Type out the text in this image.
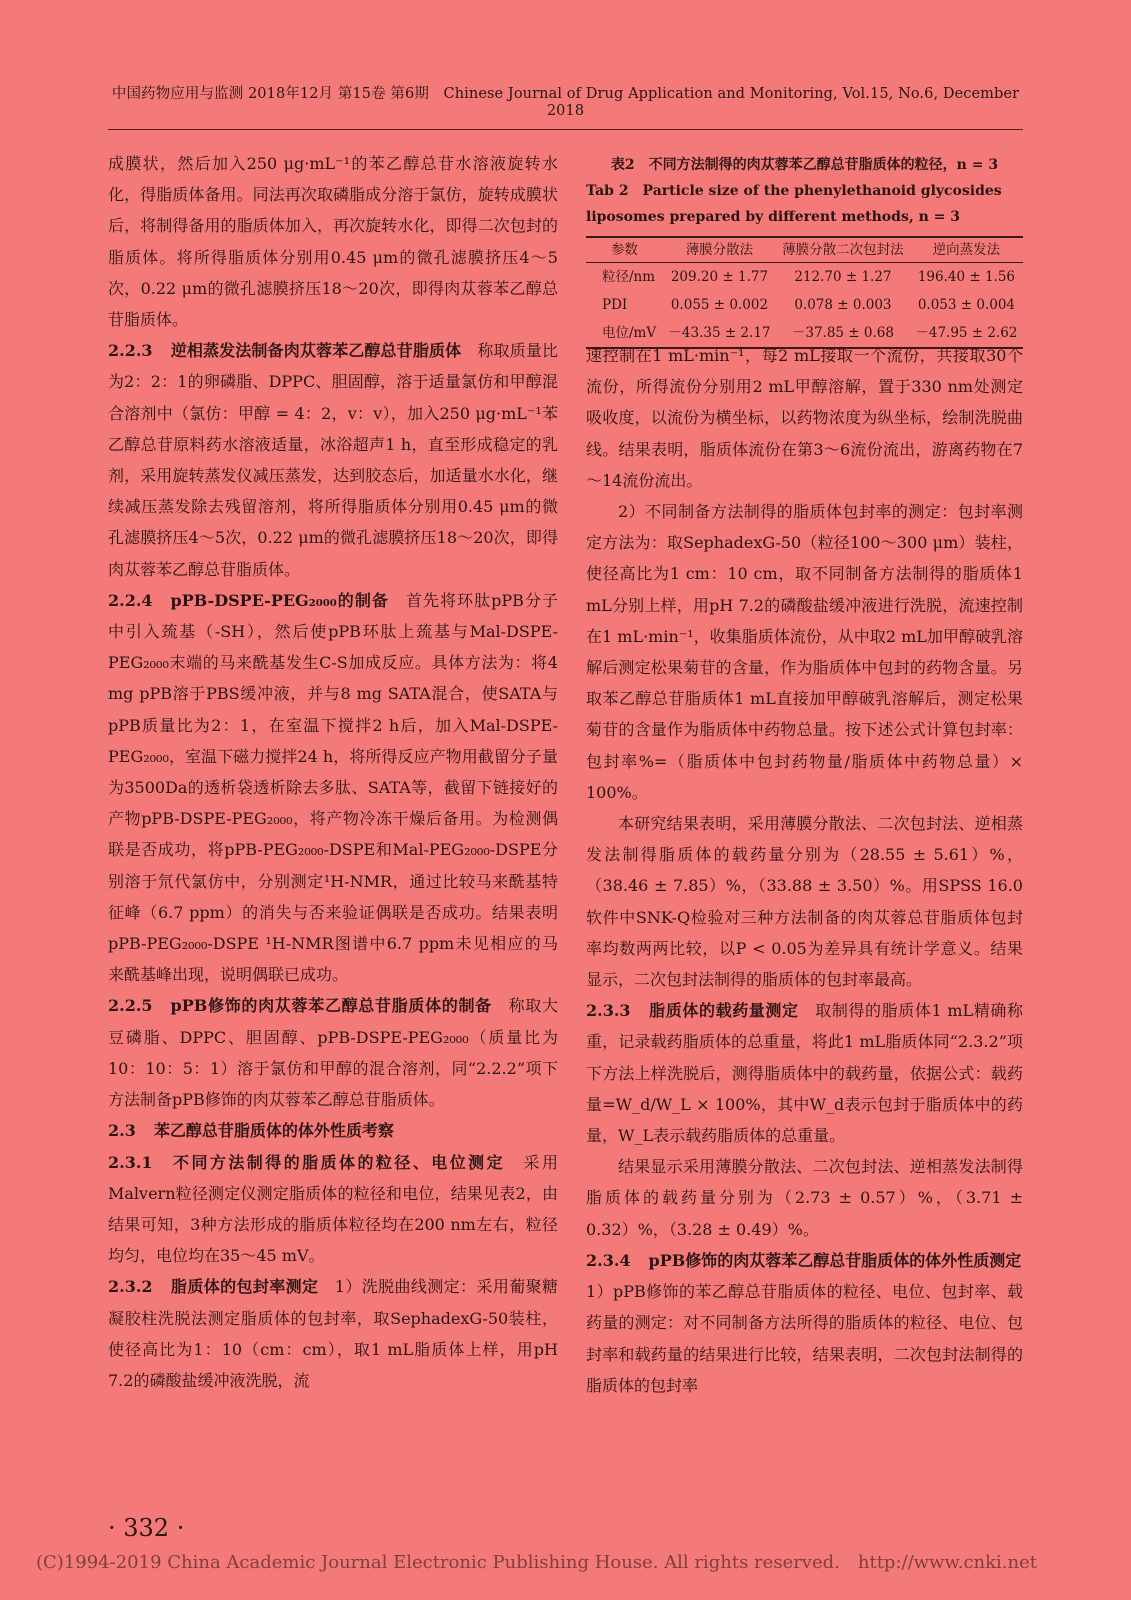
中国药物应用与监测 2018年12月 第15卷 第6期　Chinese Journal of Drug Application and Monitoring, Vol.15, No.6, December 2018

成膜状，然后加入250 μg·mL⁻¹的苯乙醇总苷水溶液旋转水化，得脂质体备用。同法再次取磷脂成分溶于氯仿，旋转成膜状后，将制得备用的脂质体加入，再次旋转水化，即得二次包封的脂质体。将所得脂质体分别用0.45 μm的微孔滤膜挤压4～5次，0.22 μm的微孔滤膜挤压18～20次，即得肉苁蓉苯乙醇总苷脂质体。

2.2.3 逆相蒸发法制备肉苁蓉苯乙醇总苷脂质体　称取质量比为2：2：1的卵磷脂、DPPC、胆固醇，溶于适量氯仿和甲醇混合溶剂中（氯仿：甲醇 = 4：2，v：v），加入250 μg·mL⁻¹苯乙醇总苷原料药水溶液适量，冰浴超声1 h，直至形成稳定的乳剂，采用旋转蒸发仪减压蒸发，达到胶态后，加适量水水化，继续减压蒸发除去残留溶剂，将所得脂质体分别用0.45 μm的微孔滤膜挤压4～5次，0.22 μm的微孔滤膜挤压18～20次，即得肉苁蓉苯乙醇总苷脂质体。

2.2.4 pPB-DSPE-PEG₂₀₀₀的制备　首先将环肽pPB分子中引入巯基（-SH），然后使pPB环肽上巯基与Mal-DSPE-PEG₂₀₀₀末端的马来酰基发生C-S加成反应。具体方法为：将4 mg pPB溶于PBS缓冲液，并与8 mg SATA混合，使SATA与pPB质量比为2：1，在室温下搅拌2 h后，加入Mal-DSPE-PEG₂₀₀₀，室温下磁力搅拌24 h，将所得反应产物用截留分子量为3500Da的透析袋透析除去多肽、SATA等，截留下链接好的产物pPB-DSPE-PEG₂₀₀₀，将产物冷冻干燥后备用。为检测偶联是否成功，将pPB-PEG₂₀₀₀-DSPE和Mal-PEG₂₀₀₀-DSPE分别溶于氘代氯仿中，分别测定¹H-NMR，通过比较马来酰基特征峰（6.7 ppm）的消失与否来验证偶联是否成功。结果表明pPB-PEG₂₀₀₀-DSPE ¹H-NMR图谱中6.7 ppm未见相应的马来酰基峰出现，说明偶联已成功。

2.2.5 pPB修饰的肉苁蓉苯乙醇总苷脂质体的制备　称取大豆磷脂、DPPC、胆固醇、pPB-DSPE-PEG₂₀₀₀（质量比为10：10：5：1）溶于氯仿和甲醇的混合溶剂，同“2.2.2”项下方法制备pPB修饰的肉苁蓉苯乙醇总苷脂质体。

2.3 苯乙醇总苷脂质体的体外性质考察

2.3.1 不同方法制得的脂质体的粒径、电位测定　采用Malvern粒径测定仪测定脂质体的粒径和电位，结果见表2，由结果可知，3种方法形成的脂质体粒径均在200 nm左右，粒径均匀，电位均在35～45 mV。

2.3.2 脂质体的包封率测定　1）洗脱曲线测定：采用葡聚糖凝胶柱洗脱法测定脂质体的包封率，取SephadexG-50装柱，使径高比为1：10（cm：cm），取1 mL脂质体上样，用pH 7.2的磷酸盐缓冲液洗脱，流

表2　不同方法制得的肉苁蓉苯乙醇总苷脂质体的粒径，n = 3
Tab 2　Particle size of the phenylethanoid glycosides liposomes prepared by different methods, n = 3
参数	薄膜分散法	薄膜分散二次包封法	逆向蒸发法
粒径/nm	209.20 ± 1.77	212.70 ± 1.27	196.40 ± 1.56
PDI	0.055 ± 0.002	0.078 ± 0.003	0.053 ± 0.004
电位/mV	－43.35 ± 2.17	－37.85 ± 0.68	－47.95 ± 2.62

速控制在1 mL·min⁻¹，每2 mL接取一个流份，共接取30个流份，所得流份分别用2 mL甲醇溶解，置于330 nm处测定吸收度，以流份为横坐标，以药物浓度为纵坐标，绘制洗脱曲线。结果表明，脂质体流份在第3～6流份流出，游离药物在7～14流份流出。

2）不同制备方法制得的脂质体包封率的测定：包封率测定方法为：取SephadexG-50（粒径100～300 μm）装柱，使径高比为1 cm：10 cm，取不同制备方法制得的脂质体1 mL分别上样，用pH 7.2的磷酸盐缓冲液进行洗脱，流速控制在1 mL·min⁻¹，收集脂质体流份，从中取2 mL加甲醇破乳溶解后测定松果菊苷的含量，作为脂质体中包封的药物含量。另取苯乙醇总苷脂质体1 mL直接加甲醇破乳溶解后，测定松果菊苷的含量作为脂质体中药物总量。按下述公式计算包封率：包封率%=（脂质体中包封药物量/脂质体中药物总量）× 100%。

本研究结果表明，采用薄膜分散法、二次包封法、逆相蒸发法制得脂质体的载药量分别为（28.55 ± 5.61）%，（38.46 ± 7.85）%，（33.88 ± 3.50）%。用SPSS 16.0软件中SNK-Q检验对三种方法制备的肉苁蓉总苷脂质体包封率均数两两比较，以P < 0.05为差异具有统计学意义。结果显示，二次包封法制得的脂质体的包封率最高。

2.3.3 脂质体的载药量测定　取制得的脂质体1 mL精确称重，记录载药脂质体的总重量，将此1 mL脂质体同“2.3.2”项下方法上样洗脱后，测得脂质体中的载药量，依据公式：载药量=W_d/W_L × 100%，其中W_d表示包封于脂质体中的药量，W_L表示载药脂质体的总重量。

结果显示采用薄膜分散法、二次包封法、逆相蒸发法制得脂质体的载药量分别为（2.73 ± 0.57）%，（3.71 ± 0.32）%，（3.28 ± 0.49）%。

2.3.4 pPB修饰的肉苁蓉苯乙醇总苷脂质体的体外性质测定　1）pPB修饰的苯乙醇总苷脂质体的粒径、电位、包封率、载药量的测定：对不同制备方法所得的脂质体的粒径、电位、包封率和载药量的结果进行比较，结果表明，二次包封法制得的脂质体的包封率

· 332 ·
(C)1994-2019 China Academic Journal Electronic Publishing House. All rights reserved.　http://www.cnki.net
